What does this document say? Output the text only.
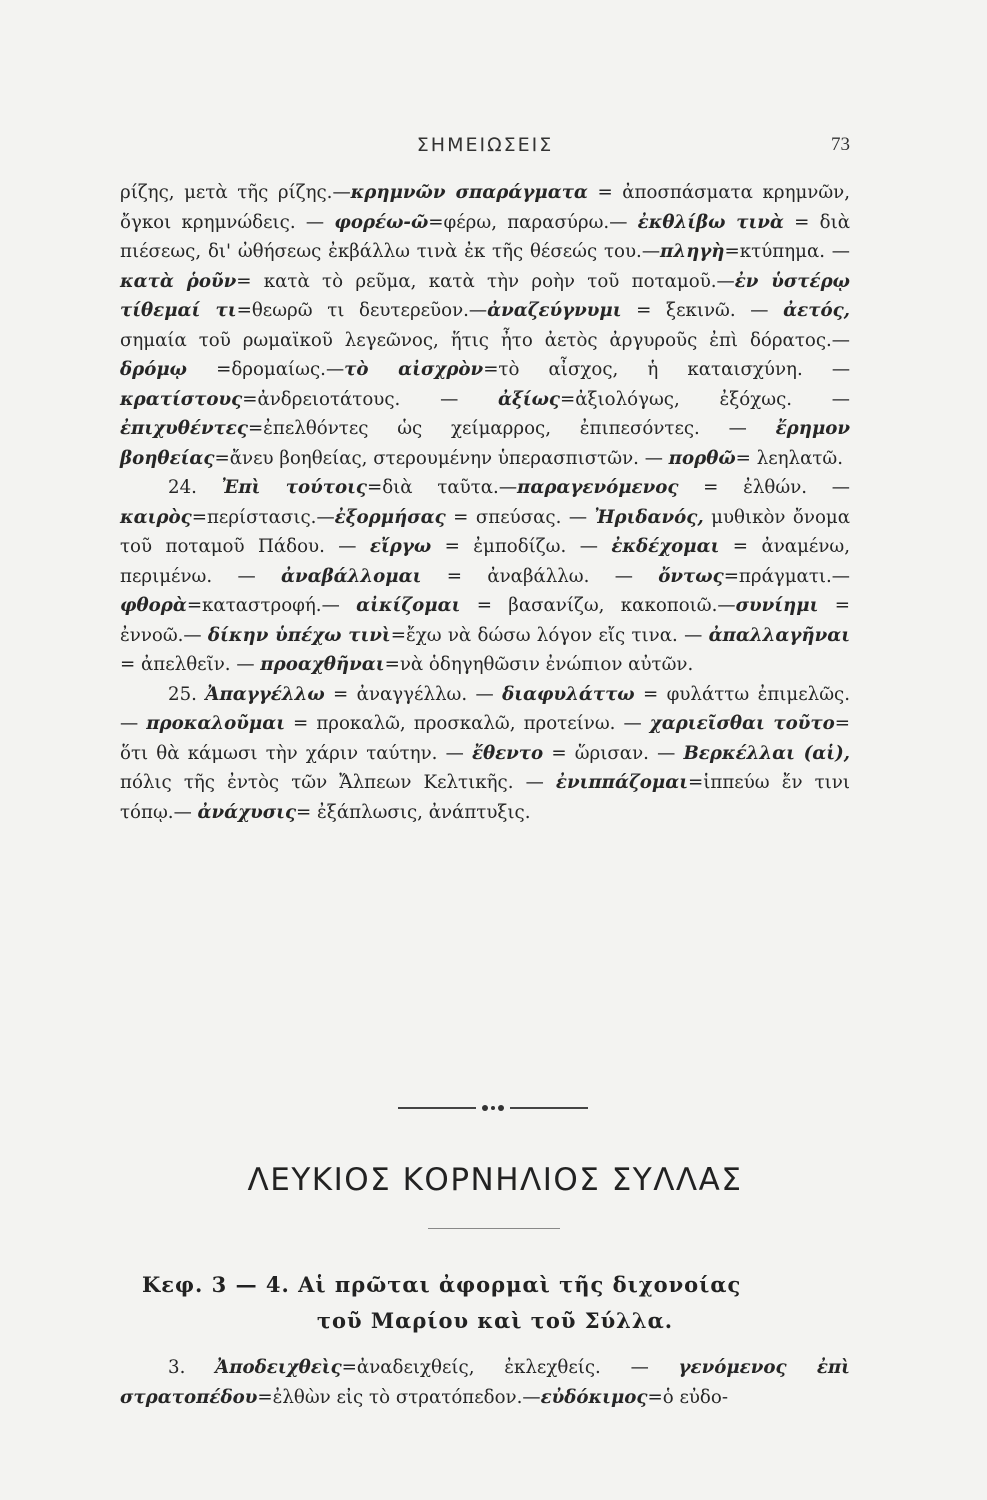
ΣΗΜΕΙΩΣΕΙΣ	73

ρίζης, μετὰ τῆς ρίζης.—κρημνῶν σπαράγματα = ἀποσπάσματα κρημνῶν, ὄγκοι κρημνώδεις. — φορέω-ῶ=φέρω, παρασύρω.— ἐκθλίβω τινὰ = διὰ πιέσεως, δι' ὠθήσεως ἐκβάλλω τινὰ ἐκ τῆς θέσεώς του.—πληγὴ=κτύπημα. — κατὰ ῥοῦν= κατὰ τὸ ρεῦμα, κατὰ τὴν ροὴν τοῦ ποταμοῦ.—ἐν ὑστέρῳ τίθεμαί τι=θεωρῶ τι δευτερεῦον.—ἀναζεύγνυμι = ξεκινῶ. — ἀετός, σημαία τοῦ ρωμαϊκοῦ λεγεῶνος, ἥτις ἦτο ἀετὸς ἀργυροῦς ἐπὶ δόρατος.—δρόμῳ =δρομαίως.—τὸ αἰσχρὸν=τὸ αἶσχος, ἡ καταισχύνη. — κρατίστους=ἀνδρειοτάτους. — ἀξίως=ἀξιολόγως, ἐξόχως. — ἐπιχυθέντες=ἐπελθόντες ὡς χείμαρρος, ἐπιπεσόντες. — ἔρημον βοηθείας=ἄνευ βοηθείας, στερουμένην ὑπερασπιστῶν. — πορθῶ= λεηλατῶ.

24. Ἐπὶ τούτοις=διὰ ταῦτα.—παραγενόμενος = ἐλθών. — καιρὸς=περίστασις.—ἐξορμήσας = σπεύσας. — Ἠριδανός, μυθικὸν ὄνομα τοῦ ποταμοῦ Πάδου. — εἴργω = ἐμποδίζω. — ἐκδέχομαι = ἀναμένω, περιμένω. — ἀναβάλλομαι = ἀναβάλλω. — ὄντως=πράγματι.—φθορὰ=καταστροφή.— αἰκίζομαι = βασανίζω, κακοποιῶ.—συνίημι = ἐννοῶ.— δίκην ὑπέχω τινὶ=ἔχω νὰ δώσω λόγον εἴς τινα. — ἀπαλλαγῆναι = ἀπελθεῖν. — προαχθῆναι=νὰ ὁδηγηθῶσιν ἐνώπιον αὐτῶν.

25. Ἀπαγγέλλω = ἀναγγέλλω. — διαφυλάττω = φυλάττω ἐπιμελῶς. — προκαλοῦμαι = προκαλῶ, προσκαλῶ, προτείνω. — χαριεῖσθαι τοῦτο= ὅτι θὰ κάμωσι τὴν χάριν ταύτην. — ἔθεντο = ὥρισαν. — Βερκέλλαι (αἱ), πόλις τῆς ἐντὸς τῶν Ἄλπεων Κελτικῆς. — ἐνιππάζομαι=ἱππεύω ἔν τινι τόπῳ.— ἀνάχυσις= ἐξάπλωσις, ἀνάπτυξις.

ΛΕΥΚΙΟΣ ΚΟΡΝΗΛΙΟΣ ΣΥΛΛΑΣ

Κεφ. 3 — 4. Αἱ πρῶται ἀφορμαὶ τῆς διχονοίας

τοῦ Μαρίου καὶ τοῦ Σύλλα.

3. Ἀποδειχθεὶς=ἀναδειχθείς, ἐκλεχθείς. — γενόμενος ἐπὶ στρατοπέδου=ἐλθὼν εἰς τὸ στρατόπεδον.—εὐδόκιμος=ὁ εὐδο-
